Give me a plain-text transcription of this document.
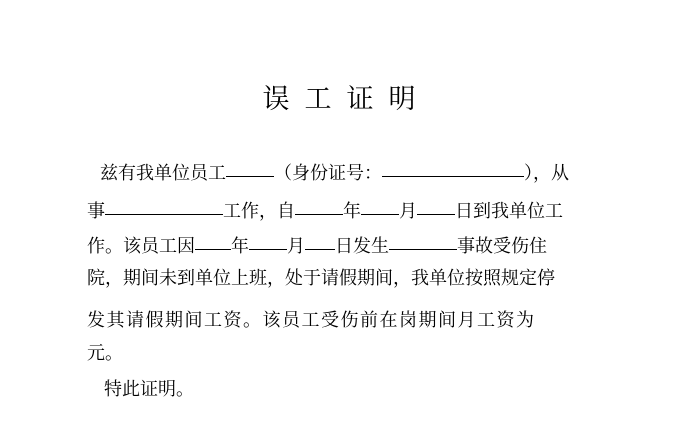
误工证明
兹有我单位员工	（身份证号：	），从
事	工作，自	年 月 日到我单位工
作。该员工因 年 月 日发生	事故受伤住
院，期间未到单位上班，处于请假期间，我单位按照规定停
发其请假期间工资。该员工受伤前在岗期间月工资为
元。
特此证明。
